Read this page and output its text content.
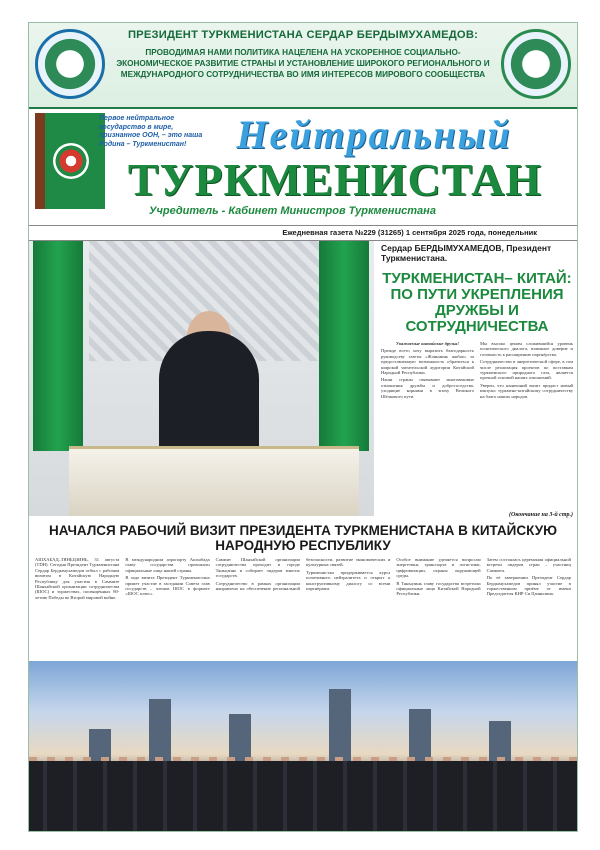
ПРЕЗИДЕНТ ТУРКМЕНИСТАНА СЕРДАР БЕРДЫМУХАМЕДОВ:
ПРОВОДИМАЯ НАМИ ПОЛИТИКА НАЦЕЛЕНА НА УСКОРЕННОЕ СОЦИАЛЬНО-ЭКОНОМИЧЕСКОЕ РАЗВИТИЕ СТРАНЫ И УСТАНОВЛЕНИЕ ШИРОКОГО РЕГИОНАЛЬНОГО И МЕЖДУНАРОДНОГО СОТРУДНИЧЕСТВА ВО ИМЯ ИНТЕРЕСОВ МИРОВОГО СООБЩЕСТВА
Первое нейтральное государство в мире, признанное ООН, – это наша Родина – Туркменистан!	Нейтральный
ТУРКМЕНИСТАН
Учредитель - Кабинет Министров Туркменистана
Ежедневная газета №229 (31265) 1 сентября 2025 года, понедельник
Сердар БЕРДЫМУХАМЕДОВ, Президент Туркменистана.
ТУРКМЕНИСТАН– КИТАЙ: ПО ПУТИ УКРЕПЛЕНИЯ ДРУЖБЫ И СОТРУДНИЧЕСТВА

Уважаемые китайские друзья!

Прежде всего хочу выразить благодарность руководству газеты «Жэньминь жибао» за предоставленную возможность обратиться к широкой читательской аудитории Китайской Народной Республики.

Наши страны связывают многовековые отношения дружбы и добрососедства, уходящие корнями в эпоху Великого Шёлкового пути.

Мы высоко ценим сложившийся уровень политического диалога, взаимное доверие и готовность к расширению партнёрства.

Сотрудничество в энергетической сфере, в том числе реализация проектов по поставкам туркменского природного газа, является прочной основой наших отношений.

Уверен, что нынешний визит придаст новый импульс туркмено-китайскому сотрудничеству на благо наших народов.

(Окончание на 3-й стр.)
НАЧАЛСЯ РАБОЧИЙ ВИЗИТ ПРЕЗИДЕНТА ТУРКМЕНИСТАНА В КИТАЙСКУЮ НАРОДНУЮ РЕСПУБЛИКУ

АШХАБАД–ТЯНЬЦЗИНЬ, 31 августа (TDH). Сегодня Президент Туркменистана Сердар Бердымухамедов отбыл с рабочим визитом в Китайскую Народную Республику для участия в Саммите Шанхайской организации сотрудничества (ШОС) и торжествах, посвящённых 80-летию Победы во Второй мировой войне.

В международном аэропорту Ашхабада главу государства провожали официальные лица нашей страны.

В ходе визита Президент Туркменистана примет участие в заседании Совета глав государств – членов ШОС в формате «ШОС плюс».

Саммит Шанхайской организации сотрудничества проходит в городе Тяньцзинь и собирает лидеров многих государств.

Сотрудничество в рамках организации направлено на обеспечение региональной безопасности, развитие экономических и культурных связей.

Туркменистан придерживается курса позитивного нейтралитета и открыт к конструктивному диалогу со всеми партнёрами.

Особое внимание уделяется вопросам энергетики, транспорта и логистики, цифровизации, охраны окружающей среды.

В Тяньцзинь главу государства встретили официальные лица Китайской Народной Республики.

Затем состоялась церемония официальной встречи лидеров стран – участниц Саммита.

По её завершении Президент Сердар Бердымухамедов принял участие в торжественном приёме от имени Председателя КНР Си Цзиньпина.
